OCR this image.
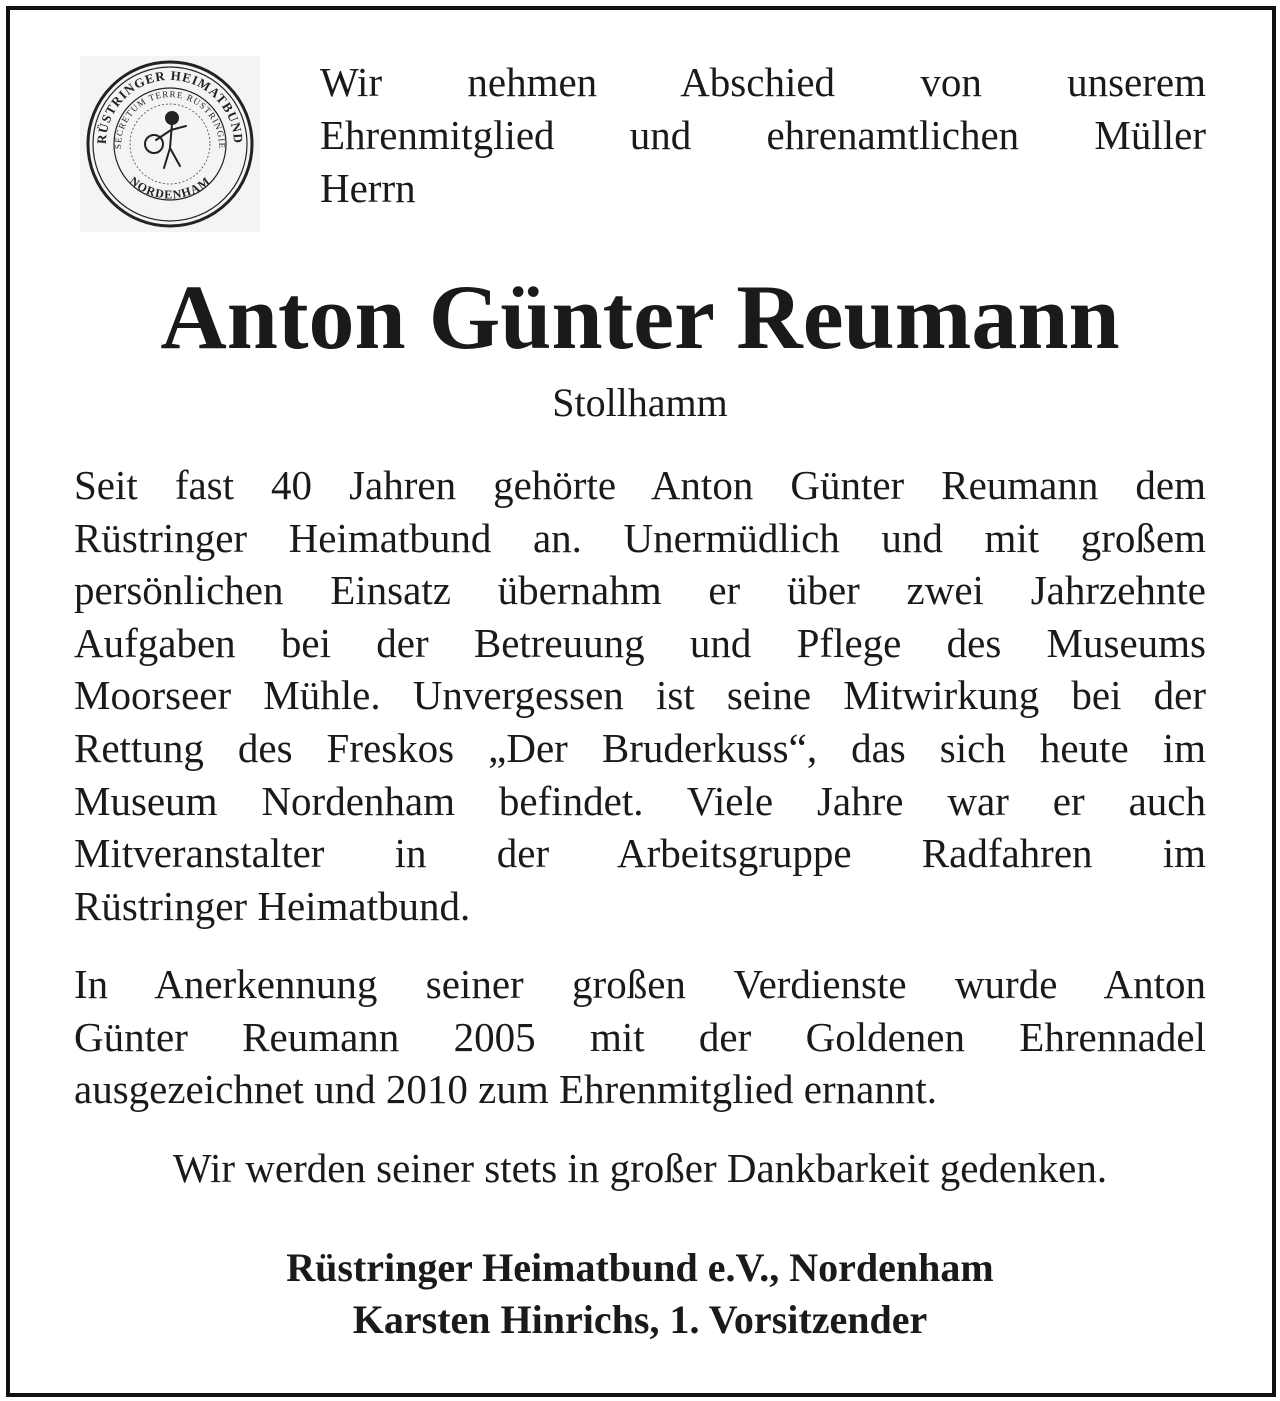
RÜSTRINGER HEIMATBUND
SECRETUM TERRE RUSTRINGIE
NORDENHAM
Wir nehmen Abschied von unserem
Ehrenmitglied und ehrenamtlichen Müller
Herrn
Anton Günter Reumann

Stollhamm

Seit fast 40 Jahren gehörte Anton Günter Reumann dem
Rüstringer Heimatbund an. Unermüdlich und mit großem
persönlichen Einsatz übernahm er über zwei Jahrzehnte
Aufgaben bei der Betreuung und Pflege des Museums
Moorseer Mühle. Unvergessen ist seine Mitwirkung bei der
Rettung des Freskos „Der Bruderkuss“, das sich heute im
Museum Nordenham befindet. Viele Jahre war er auch
Mitveranstalter in der Arbeitsgruppe Radfahren im
Rüstringer Heimatbund.
In Anerkennung seiner großen Verdienste wurde Anton
Günter Reumann 2005 mit der Goldenen Ehrennadel
ausgezeichnet und 2010 zum Ehrenmitglied ernannt.

Wir werden seiner stets in großer Dankbarkeit gedenken.

Rüstringer Heimatbund e.V., Nordenham

Karsten Hinrichs, 1. Vorsitzender
